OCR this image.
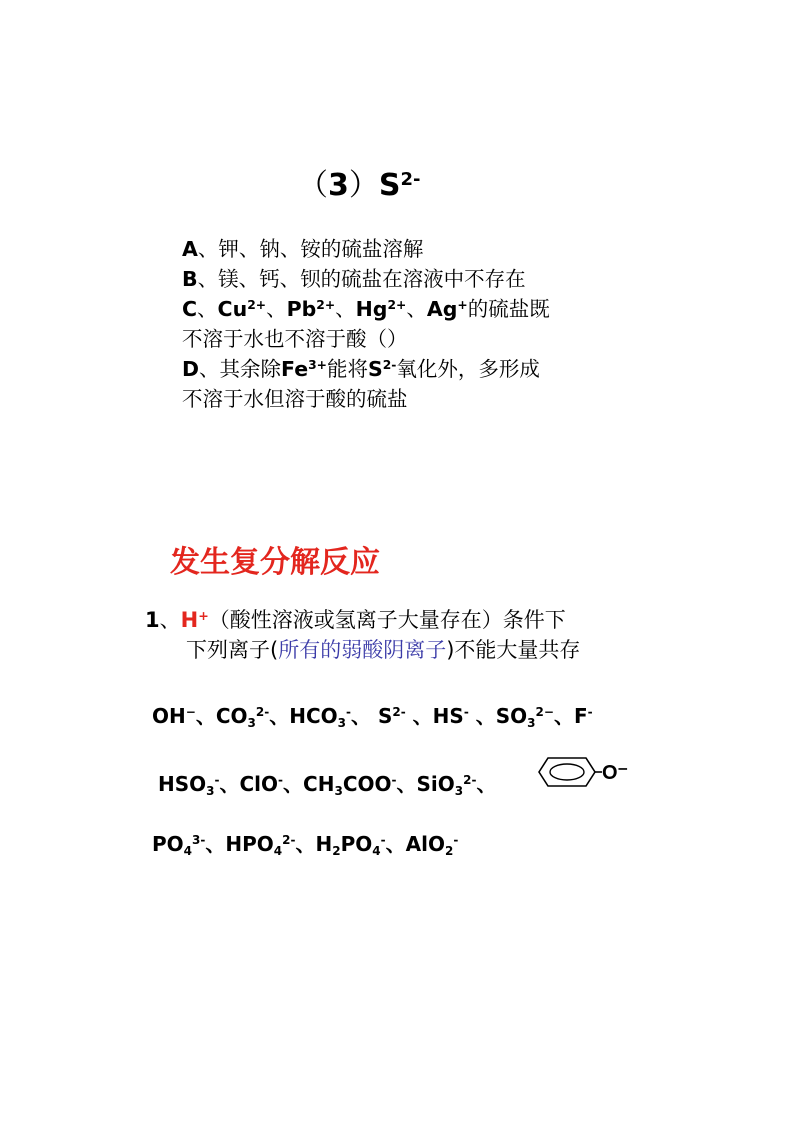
$(3)S^{2-}$
A、钾、钠、铵的硫盐溶解
B、镁、钙、钡的硫盐在溶液中不存在
C、$Cu^{2+}$、$Pb^{2+}$、$Hg^{2+}$、Ag+的硫盐既
不溶于水也不溶于酸（）
D、其余除$Fe^{3+}$能将$S^{2-}$氧化外，多形成
不溶于水但溶于酸的硫盐
发生复分解反应
1、H+（酸性溶液或氢离子大量存在）条件下
下列离子(所有的弱酸阴离子)不能大量共存
OH−、$CO_3^{2-}$、$HCO_3^-$、 $S^{2-}$ 、HS- 、$SO_3^{2-}$、F-
$HSO_3^-$、ClO-、$CH_3COO^-$、SiO$_3^{2-}$、	O⁻
$PO_4^{3-}$、$HPO_4^{2-}$、$H_2PO_4^-$、AlO$_2$-
